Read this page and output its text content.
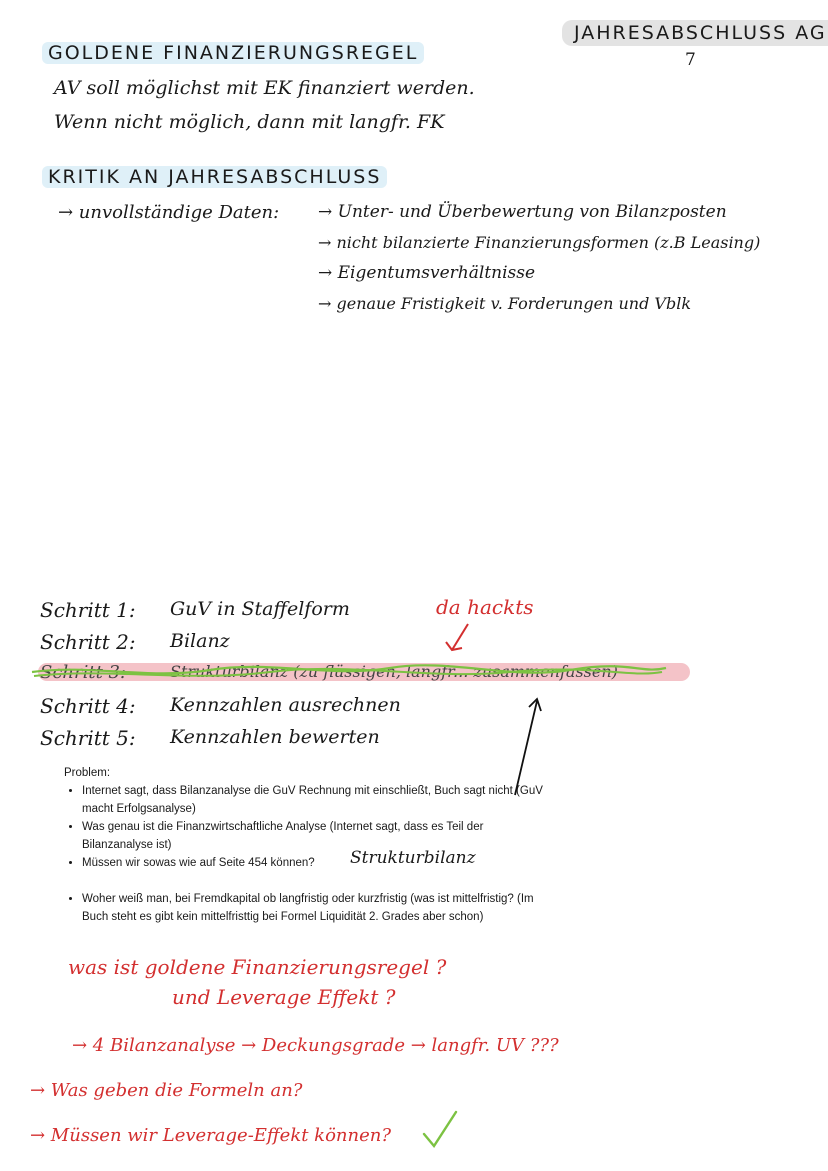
JAHRESABSCHLUSS AG
7
GOLDENE FINANZIERUNGSREGEL
AV soll möglichst mit EK finanziert werden.
Wenn nicht möglich, dann mit langfr. FK
KRITIK AN JAHRESABSCHLUSS
→ unvollständige Daten: → Unter- und Überbewertung von Bilanzposten
→ nicht bilanzierte Finanzierungsformen (z.B Leasing)
→ Eigentumsverhältnisse
→ genaue Fristigkeit v. Forderungen und Vblk
da hackts
Schritt 1: GuV in Staffelform
Schritt 2: Bilanz
Schritt 3:	Strukturbilanz (zu flüssigen, langfr... zusammenfassen)
Schritt 4: Kennzahlen ausrechnen
Schritt 5: Kennzahlen bewerten
Problem:
• Internet sagt, dass Bilanzanalyse die GuV Rechnung mit einschließt, Buch sagt nicht (GuV macht Erfolgsanalyse)
• Was genau ist die Finanzwirtschaftliche Analyse (Internet sagt, dass es Teil der Bilanzanalyse ist)
• Müssen wir sowas wie auf Seite 454 können?
• Woher weiß man, bei Fremdkapital ob langfristig oder kurzfristig (was ist mittelfristig? (Im Buch steht es gibt kein mittelfristtig bei Formel Liquidität 2. Grades aber schon)
Strukturbilanz
was ist goldene Finanzierungsregel ?
und Leverage Effekt ?
→ 4 Bilanzanalyse → Deckungsgrade → langfr. UV ???
→ Was geben die Formeln an?
→ Müssen wir Leverage-Effekt können?
